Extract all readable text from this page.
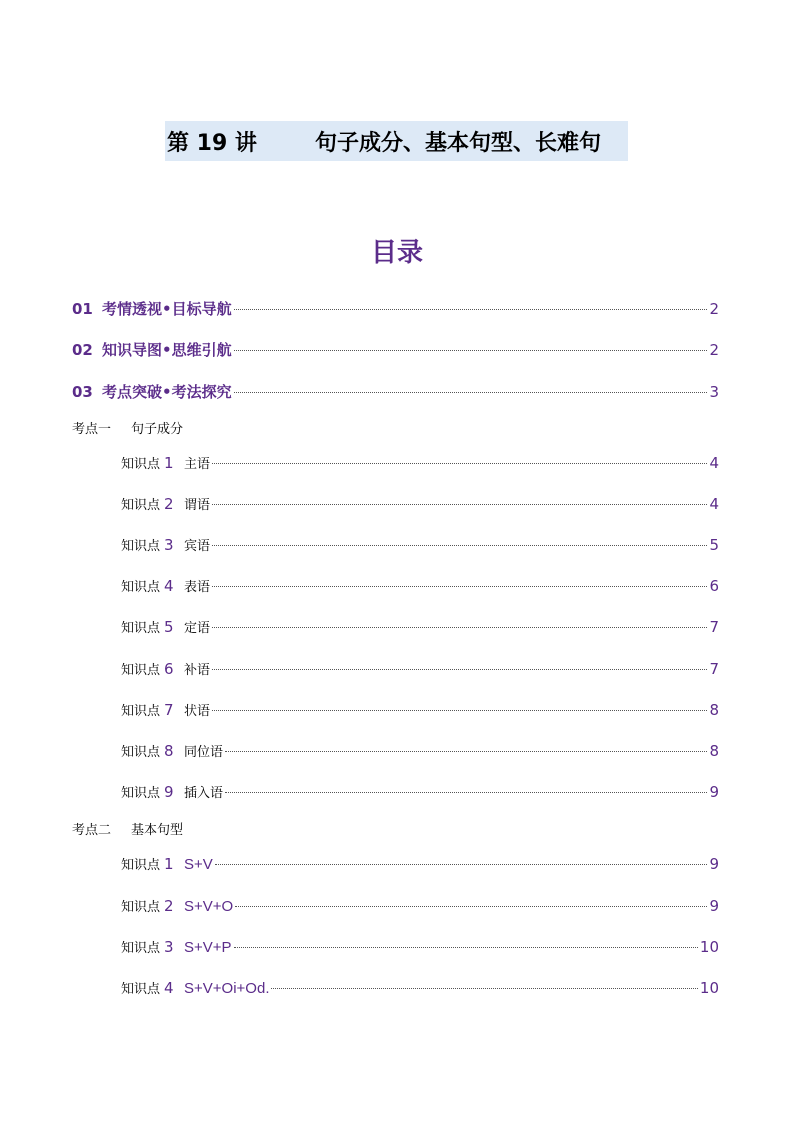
第 19 讲	句子成分、基本句型、长难句
目录
01 考情透视•目标导航	2
02 知识导图•思维引航	2
03 考点突破•考法探究	3
考点一 句子成分
知识点 1 主语	4
知识点 2 谓语	4
知识点 3 宾语	5
知识点 4 表语	6
知识点 5 定语	7
知识点 6 补语	7
知识点 7 状语	8
知识点 8 同位语	8
知识点 9 插入语	9
考点二 基本句型
知识点 1 S+V	9
知识点 2 S+V+O	9
知识点 3 S+V+P	10
知识点 4 S+V+Oi+Od.	10
